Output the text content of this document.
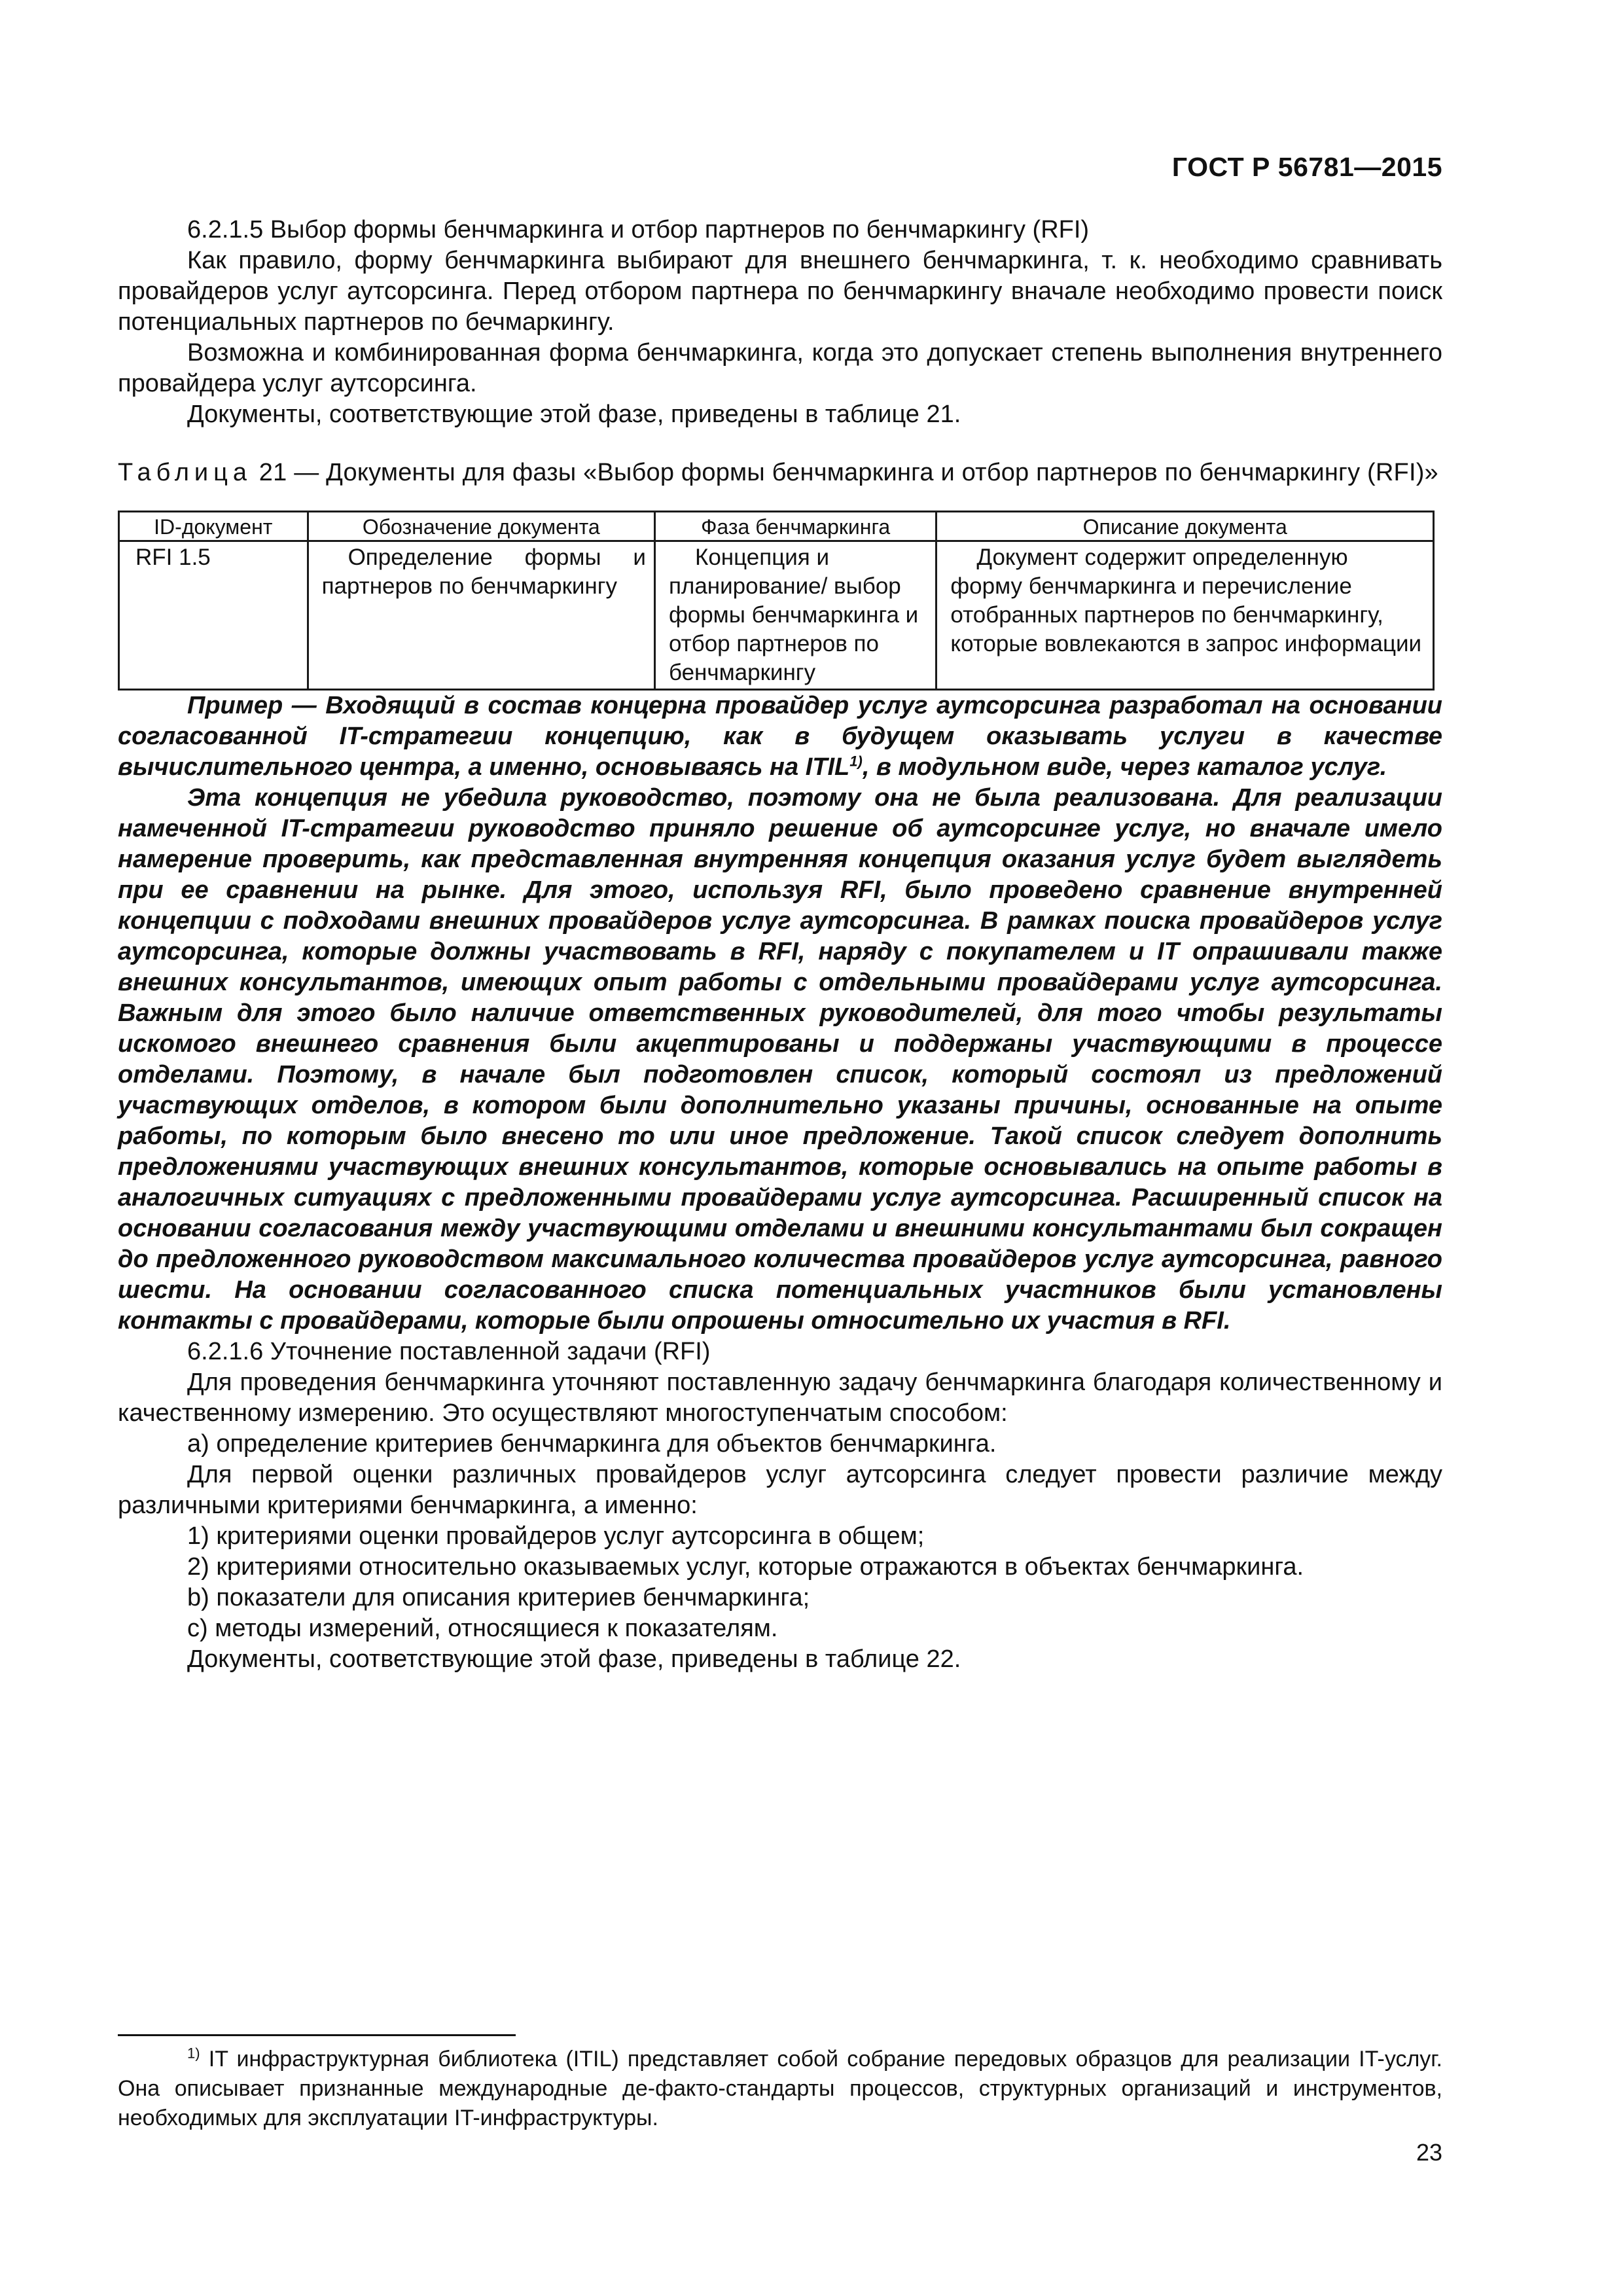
ГОСТ Р 56781—2015

6.2.1.5 Выбор формы бенчмаркинга и отбор партнеров по бенчмаркингу (RFI)

Как правило, форму бенчмаркинга выбирают для внешнего бенчмаркинга, т. к. необходимо сравнивать провайдеров услуг аутсорсинга. Перед отбором партнера по бенчмаркингу вначале необходимо провести поиск потенциальных партнеров по бечмаркингу.

Возможна и комбинированная форма бенчмаркинга, когда это допускает степень выполнения внутреннего провайдера услуг аутсорсинга.

Документы, соответствующие этой фазе, приведены в таблице 21.

Таблица 21 — Документы для фазы «Выбор формы бенчмаркинга и отбор партнеров по бенчмаркингу (RFI)»

ID-документ	Обозначение документа	Фаза бенчмаркинга	Описание документа
RFI 1.5	Определение формы и партнеров по бенчмаркингу	Концепция и планирование/ выбор формы бенчмаркинга и отбор партнеров по бенчмаркингу	Документ содержит определенную форму бенчмаркинга и перечисление отобранных партнеров по бенчмаркингу, которые вовлекаются в запрос информации

Пример — Входящий в состав концерна провайдер услуг аутсорсинга разработал на основании согласованной IT-стратегии концепцию, как в будущем оказывать услуги в качестве вычислительного центра, а именно, основываясь на ITIL$^{1)}$, в модульном виде, через каталог услуг.

Эта концепция не убедила руководство, поэтому она не была реализована. Для реализации намеченной IT-стратегии руководство приняло решение об аутсорсинге услуг, но вначале имело намерение проверить, как представленная внутренняя концепция оказания услуг будет выглядеть при ее сравнении на рынке. Для этого, используя RFI, было проведено сравнение внутренней концепции с подходами внешних провайдеров услуг аутсорсинга. В рамках поиска провайдеров услуг аутсорсинга, которые должны участвовать в RFI, наряду с покупателем и IT опрашивали также внешних консультантов, имеющих опыт работы с отдельными провайдерами услуг аутсорсинга. Важным для этого было наличие ответственных руководителей, для того чтобы результаты искомого внешнего сравнения были акцептированы и поддержаны участвующими в процессе отделами. Поэтому, в начале был подготовлен список, который состоял из предложений участвующих отделов, в котором были дополнительно указаны причины, основанные на опыте работы, по которым было внесено то или иное предложение. Такой список следует дополнить предложениями участвующих внешних консультантов, которые основывались на опыте работы в аналогичных ситуациях с предложенными провайдерами услуг аутсорсинга. Расширенный список на основании согласования между участвующими отделами и внешними консультантами был сокращен до предложенного руководством максимального количества провайдеров услуг аутсорсинга, равного шести. На основании согласованного списка потенциальных участников были установлены контакты с провайдерами, которые были опрошены относительно их участия в RFI.

6.2.1.6 Уточнение поставленной задачи (RFI)

Для проведения бенчмаркинга уточняют поставленную задачу бенчмаркинга благодаря количественному и качественному измерению. Это осуществляют многоступенчатым способом:

а) определение критериев бенчмаркинга для объектов бенчмаркинга.

Для первой оценки различных провайдеров услуг аутсорсинга следует провести различие между различными критериями бенчмаркинга, а именно:

1) критериями оценки провайдеров услуг аутсорсинга в общем;

2) критериями относительно оказываемых услуг, которые отражаются в объектах бенчмаркинга.

b) показатели для описания критериев бенчмаркинга;

с) методы измерений, относящиеся к показателям.

Документы, соответствующие этой фазе, приведены в таблице 22.

$^{1)}$ IT инфраструктурная библиотека (ITIL) представляет собой собрание передовых образцов для реализации IT-услуг. Она описывает признанные международные де-факто-стандарты процессов, структурных организаций и инструментов, необходимых для эксплуатации IT-инфраструктуры.

23
